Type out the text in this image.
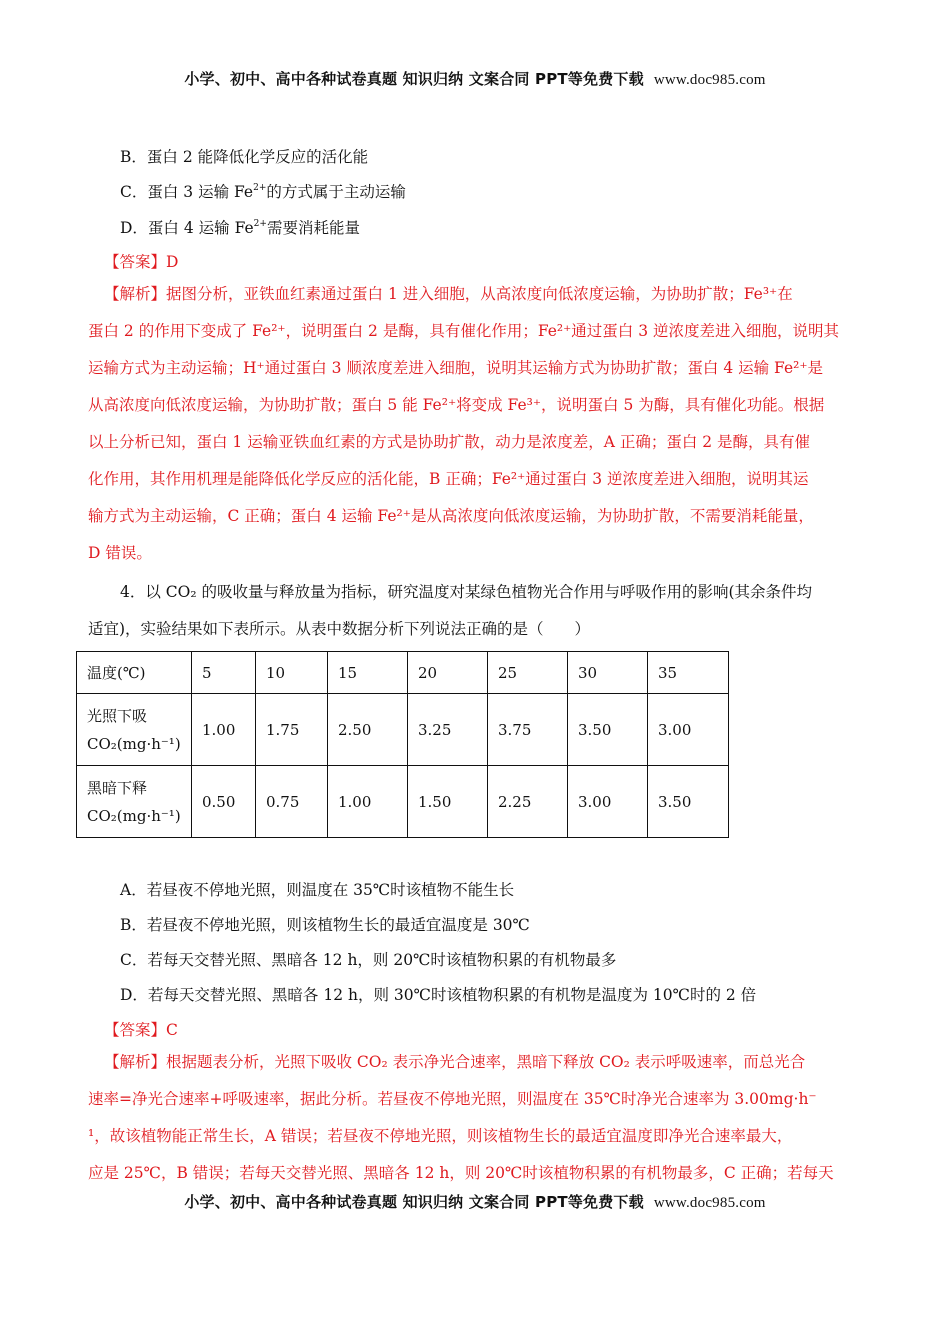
小学、初中、高中各种试卷真题 知识归纳 文案合同 PPT等免费下载 www.doc985.com
B．蛋白 2 能降低化学反应的活化能
C．蛋白 3 运输 $Fe^{2+}$的方式属于主动运输
D．蛋白 4 运输 $Fe^{2+}$需要消耗能量
【答案】D

【解析】据图分析，亚铁血红素通过蛋白 1 进入细胞，从高浓度向低浓度运输，为协助扩散；Fe³⁺在

蛋白 2 的作用下变成了 Fe²⁺，说明蛋白 2 是酶，具有催化作用；Fe²⁺通过蛋白 3 逆浓度差进入细胞，说明其

运输方式为主动运输；H⁺通过蛋白 3 顺浓度差进入细胞，说明其运输方式为协助扩散；蛋白 4 运输 Fe²⁺是

从高浓度向低浓度运输，为协助扩散；蛋白 5 能 Fe²⁺将变成 Fe³⁺，说明蛋白 5 为酶，具有催化功能。根据

以上分析已知，蛋白 1 运输亚铁血红素的方式是协助扩散，动力是浓度差，A 正确；蛋白 2 是酶，具有催

化作用，其作用机理是能降低化学反应的活化能，B 正确；Fe²⁺通过蛋白 3 逆浓度差进入细胞，说明其运

输方式为主动运输，C 正确；蛋白 4 运输 Fe²⁺是从高浓度向低浓度运输，为协助扩散，不需要消耗能量，

D 错误。

4．以 CO₂ 的吸收量与释放量为指标，研究温度对某绿色植物光合作用与呼吸作用的影响(其余条件均

适宜)，实验结果如下表所示。从表中数据分析下列说法正确的是（　　）

温度(℃)	5	10	15	20	25	30	35

光照下吸
CO₂(mg·h⁻¹)	1.00	1.75	2.50	3.25	3.75	3.50	3.00

黑暗下释
CO₂(mg·h⁻¹)	0.50	0.75	1.00	1.50	2.25	3.00	3.50
A．若昼夜不停地光照，则温度在 35℃时该植物不能生长
B．若昼夜不停地光照，则该植物生长的最适宜温度是 30℃
C．若每天交替光照、黑暗各 12 h，则 20℃时该植物积累的有机物最多
D．若每天交替光照、黑暗各 12 h，则 30℃时该植物积累的有机物是温度为 10℃时的 2 倍
【答案】C

【解析】根据题表分析，光照下吸收 CO₂ 表示净光合速率，黑暗下释放 CO₂ 表示呼吸速率，而总光合

速率=净光合速率+呼吸速率，据此分析。若昼夜不停地光照，则温度在 35℃时净光合速率为 3.00mg·h⁻

¹，故该植物能正常生长，A 错误；若昼夜不停地光照，则该植物生长的最适宜温度即净光合速率最大，

应是 25℃，B 错误；若每天交替光照、黑暗各 12 h，则 20℃时该植物积累的有机物最多，C 正确；若每天

小学、初中、高中各种试卷真题 知识归纳 文案合同 PPT等免费下载 www.doc985.com
